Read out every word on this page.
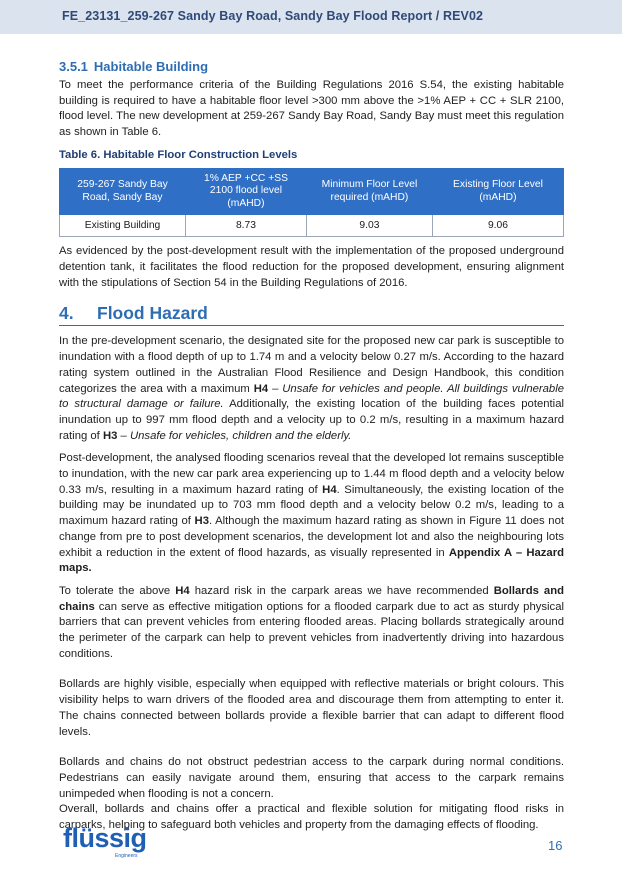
FE_23131_259-267 Sandy Bay Road, Sandy Bay Flood Report / REV02
3.5.1 Habitable Building

To meet the performance criteria of the Building Regulations 2016 S.54, the existing habitable building is required to have a habitable floor level >300 mm above the >1% AEP + CC + SLR 2100, flood level. The new development at 259-267 Sandy Bay Road, Sandy Bay must meet this regulation as shown in Table 6.

Table 6. Habitable Floor Construction Levels
259-267 Sandy Bay Road, Sandy Bay	1% AEP +CC +SS 2100 flood level (mAHD)	Minimum Floor Level required (mAHD)	Existing Floor Level (mAHD)
Existing Building	8.73	9.03	9.06

As evidenced by the post-development result with the implementation of the proposed underground detention tank, it facilitates the flood reduction for the proposed development, ensuring alignment with the stipulations of Section 54 in the Building Regulations of 2016.

4.	Flood Hazard

In the pre-development scenario, the designated site for the proposed new car park is susceptible to inundation with a flood depth of up to 1.74 m and a velocity below 0.27 m/s. According to the hazard rating system outlined in the Australian Flood Resilience and Design Handbook, this condition categorizes the area with a maximum H4 – Unsafe for vehicles and people. All buildings vulnerable to structural damage or failure. Additionally, the existing location of the building faces potential inundation up to 997 mm flood depth and a velocity up to 0.2 m/s, resulting in a maximum hazard rating of H3 – Unsafe for vehicles, children and the elderly.

Post-development, the analysed flooding scenarios reveal that the developed lot remains susceptible to inundation, with the new car park area experiencing up to 1.44 m flood depth and a velocity below 0.33 m/s, resulting in a maximum hazard rating of H4. Simultaneously, the existing location of the building may be inundated up to 703 mm flood depth and a velocity below 0.2 m/s, leading to a maximum hazard rating of H3. Although the maximum hazard rating as shown in Figure 11 does not change from pre to post development scenarios, the development lot and also the neighbouring lots exhibit a reduction in the extent of flood hazards, as visually represented in Appendix A – Hazard maps.

To tolerate the above H4 hazard risk in the carpark areas we have recommended Bollards and chains can serve as effective mitigation options for a flooded carpark due to act as sturdy physical barriers that can prevent vehicles from entering flooded areas. Placing bollards strategically around the perimeter of the carpark can help to prevent vehicles from inadvertently driving into hazardous conditions.

Bollards are highly visible, especially when equipped with reflective materials or bright colours. This visibility helps to warn drivers of the flooded area and discourage them from attempting to enter it. The chains connected between bollards provide a flexible barrier that can adapt to different flood levels.

Bollards and chains do not obstruct pedestrian access to the carpark during normal conditions. Pedestrians can easily navigate around them, ensuring that access to the carpark remains unimpeded when flooding is not a concern.

Overall, bollards and chains offer a practical and flexible solution for mitigating flood risks in carparks, helping to safeguard both vehicles and property from the damaging effects of flooding.

flüssig
Engineers
16
